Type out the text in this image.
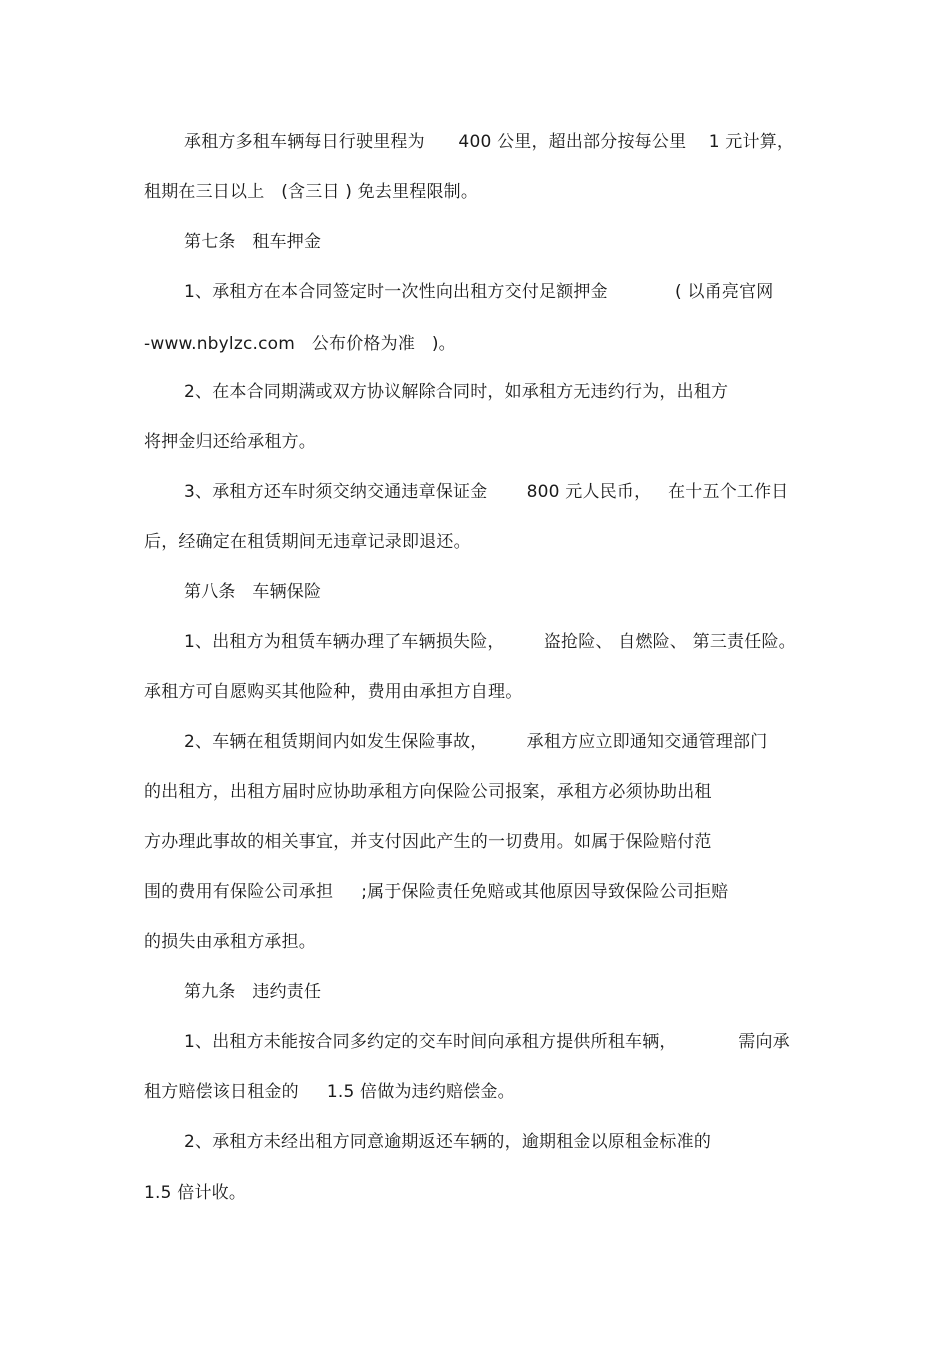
承租方多租车辆每日行驶里程为      400 公里，超出部分按每公里    1 元计算，
租期在三日以上   (含三日 ) 免去里程限制。
第七条   租车押金
1、承租方在本合同签定时一次性向出租方交付足额押金            ( 以甬亮官网
-www.nbylzc.com   公布价格为准   )。
2、在本合同期满或双方协议解除合同时，如承租方无违约行为，出租方
将押金归还给承租方。
3、承租方还车时须交纳交通违章保证金       800 元人民币，   在十五个工作日
后，经确定在租赁期间无违章记录即退还。
第八条   车辆保险
1、出租方为租赁车辆办理了车辆损失险，       盗抢险、 自燃险、 第三责任险。
承租方可自愿购买其他险种，费用由承担方自理。
2、车辆在租赁期间内如发生保险事故，       承租方应立即通知交通管理部门
的出租方，出租方届时应协助承租方向保险公司报案，承租方必须协助出租
方办理此事故的相关事宜，并支付因此产生的一切费用。如属于保险赔付范
围的费用有保险公司承担     ;属于保险责任免赔或其他原因导致保险公司拒赔
的损失由承租方承担。
第九条   违约责任
1、出租方未能按合同多约定的交车时间向承租方提供所租车辆，           需向承
租方赔偿该日租金的     1.5 倍做为违约赔偿金。
2、承租方未经出租方同意逾期返还车辆的，逾期租金以原租金标准的
1.5 倍计收。
